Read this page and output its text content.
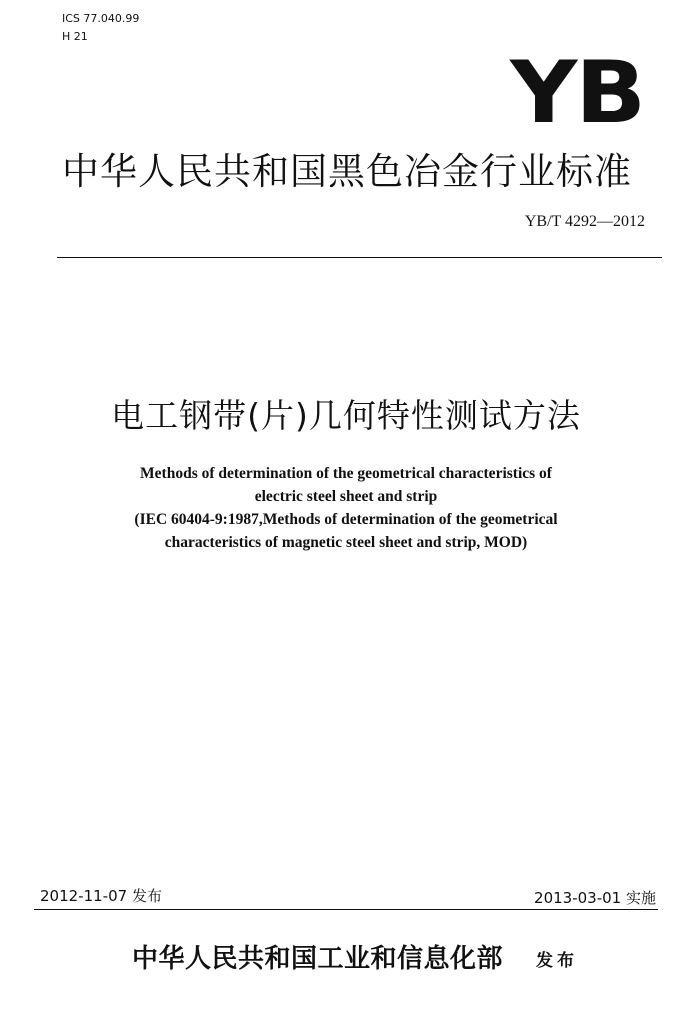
ICS 77.040.99
H 21
YB
中华人民共和国黑色冶金行业标准
YB/T 4292—2012
电工钢带(片)几何特性测试方法
Methods of determination of the geometrical characteristics of
electric steel sheet and strip
(IEC 60404-9:1987,Methods of determination of the geometrical
characteristics of magnetic steel sheet and strip, MOD)
2012-11-07 发布	2013-03-01 实施
中华人民共和国工业和信息化部 发布
